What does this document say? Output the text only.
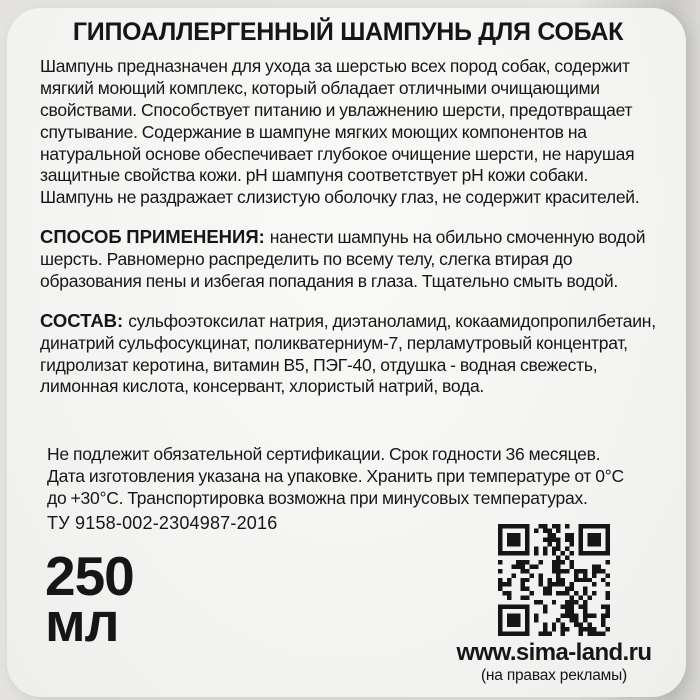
ГИПОАЛЛЕРГЕННЫЙ ШАМПУНЬ ДЛЯ СОБАК

Шампунь предназначен для ухода за шерстью всех пород собак, содержит мягкий моющий комплекс, который обладает отличными очищающими свойствами. Способствует питанию и увлажнению шерсти, предотвращает спутывание. Содержание в шампуне мягких моющих компонентов на натуральной основе обеспечивает глубокое очищение шерсти, не нарушая защитные свойства кожи. pH шампуня соответствует pH кожи собаки. Шампунь не раздражает слизистую оболочку глаз, не содержит красителей.

СПОСОБ ПРИМЕНЕНИЯ: нанести шампунь на обильно смоченную водой шерсть. Равномерно распределить по всему телу, слегка втирая до образования пены и избегая попадания в глаза. Тщательно смыть водой.

СОСТАВ: сульфоэтоксилат натрия, диэтаноламид, кокаамидопропилбетаин, динатрий сульфосукцинат, поликватерниум-7, перламутровый концентрат, гидролизат керотина, витамин B5, ПЭГ-40, отдушка - водная свежесть, лимонная кислота, консервант, хлористый натрий, вода.

Не подлежит обязательной сертификации. Срок годности 36 месяцев. Дата изготовления указана на упаковке. Хранить при температуре от 0°С до +30°С. Транспортировка возможна при минусовых температурах.

ТУ 9158-002-2304987-2016

250
мл	www.sima-land.ru
(на правах рекламы)
